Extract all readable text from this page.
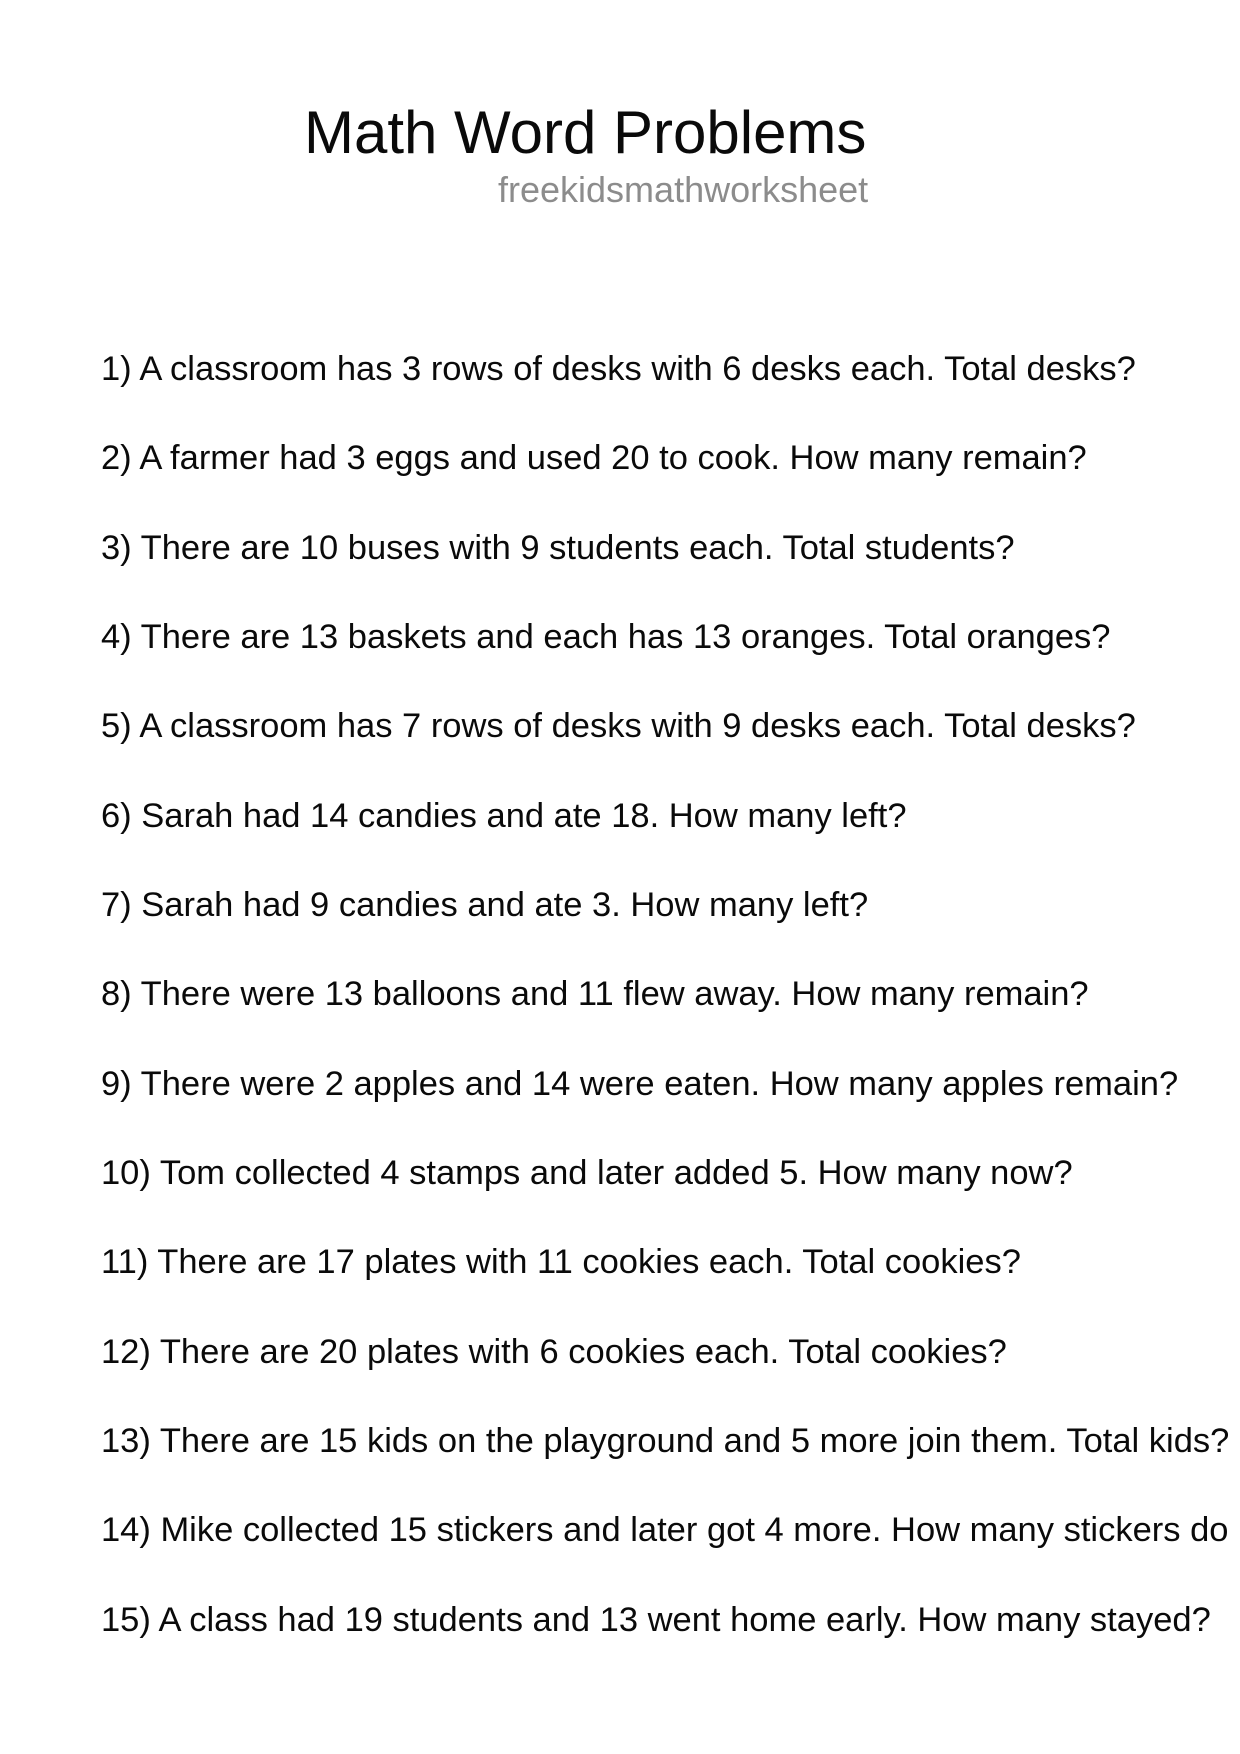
Math Word Problems
freekidsmathworksheet
1) A classroom has 3 rows of desks with 6 desks each. Total desks?
2) A farmer had 3 eggs and used 20 to cook. How many remain?
3) There are 10 buses with 9 students each. Total students?
4) There are 13 baskets and each has 13 oranges. Total oranges?
5) A classroom has 7 rows of desks with 9 desks each. Total desks?
6) Sarah had 14 candies and ate 18. How many left?
7) Sarah had 9 candies and ate 3. How many left?
8) There were 13 balloons and 11 flew away. How many remain?
9) There were 2 apples and 14 were eaten. How many apples remain?
10) Tom collected 4 stamps and later added 5. How many now?
11) There are 17 plates with 11 cookies each. Total cookies?
12) There are 20 plates with 6 cookies each. Total cookies?
13) There are 15 kids on the playground and 5 more join them. Total kids?
14) Mike collected 15 stickers and later got 4 more. How many stickers do
15) A class had 19 students and 13 went home early. How many stayed?
